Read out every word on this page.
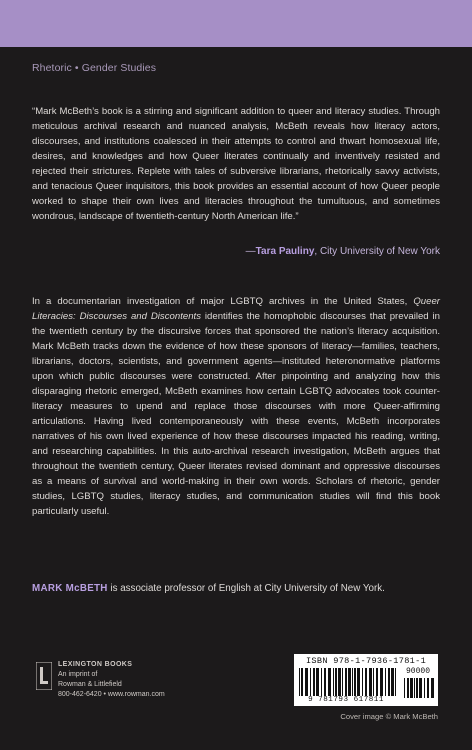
Rhetoric • Gender Studies
“Mark McBeth’s book is a stirring and significant addition to queer and literacy studies. Through meticulous archival research and nuanced analysis, McBeth reveals how literacy actors, discourses, and institutions coalesced in their attempts to control and thwart homosexual life, desires, and knowledges and how Queer literates continually and inventively resisted and rejected their strictures. Replete with tales of subversive librarians, rhetorically savvy activists, and tenacious Queer inquisitors, this book provides an essential account of how Queer people worked to shape their own lives and literacies throughout the tumultuous, and sometimes wondrous, landscape of twentieth-century North American life.”
—Tara Pauliny, City University of New York
In a documentarian investigation of major LGBTQ archives in the United States, Queer Literacies: Discourses and Discontents identifies the homophobic discourses that prevailed in the twentieth century by the discursive forces that sponsored the nation’s literacy acquisition. Mark McBeth tracks down the evidence of how these sponsors of literacy—families, teachers, librarians, doctors, scientists, and government agents—instituted heteronormative platforms upon which public discourses were constructed. After pinpointing and analyzing how this disparaging rhetoric emerged, McBeth examines how certain LGBTQ advocates took counter-literacy measures to upend and replace those discourses with more Queer-affirming articulations. Having lived contemporaneously with these events, McBeth incorporates narratives of his own lived experience of how these discourses impacted his reading, writing, and researching capabilities. In this auto-archival research investigation, McBeth argues that throughout the twentieth century, Queer literates revised dominant and oppressive discourses as a means of survival and world-making in their own words. Scholars of rhetoric, gender studies, LGBTQ studies, literacy studies, and communication studies will find this book particularly useful.
MARK McBETH is associate professor of English at City University of New York.
LEXINGTON BOOKS
An imprint of
Rowman & Littlefield
800-462-6420 • www.rowman.com
ISBN 978-1-7936-1781-1
9 781793 617811
90000
Cover image © Mark McBeth
